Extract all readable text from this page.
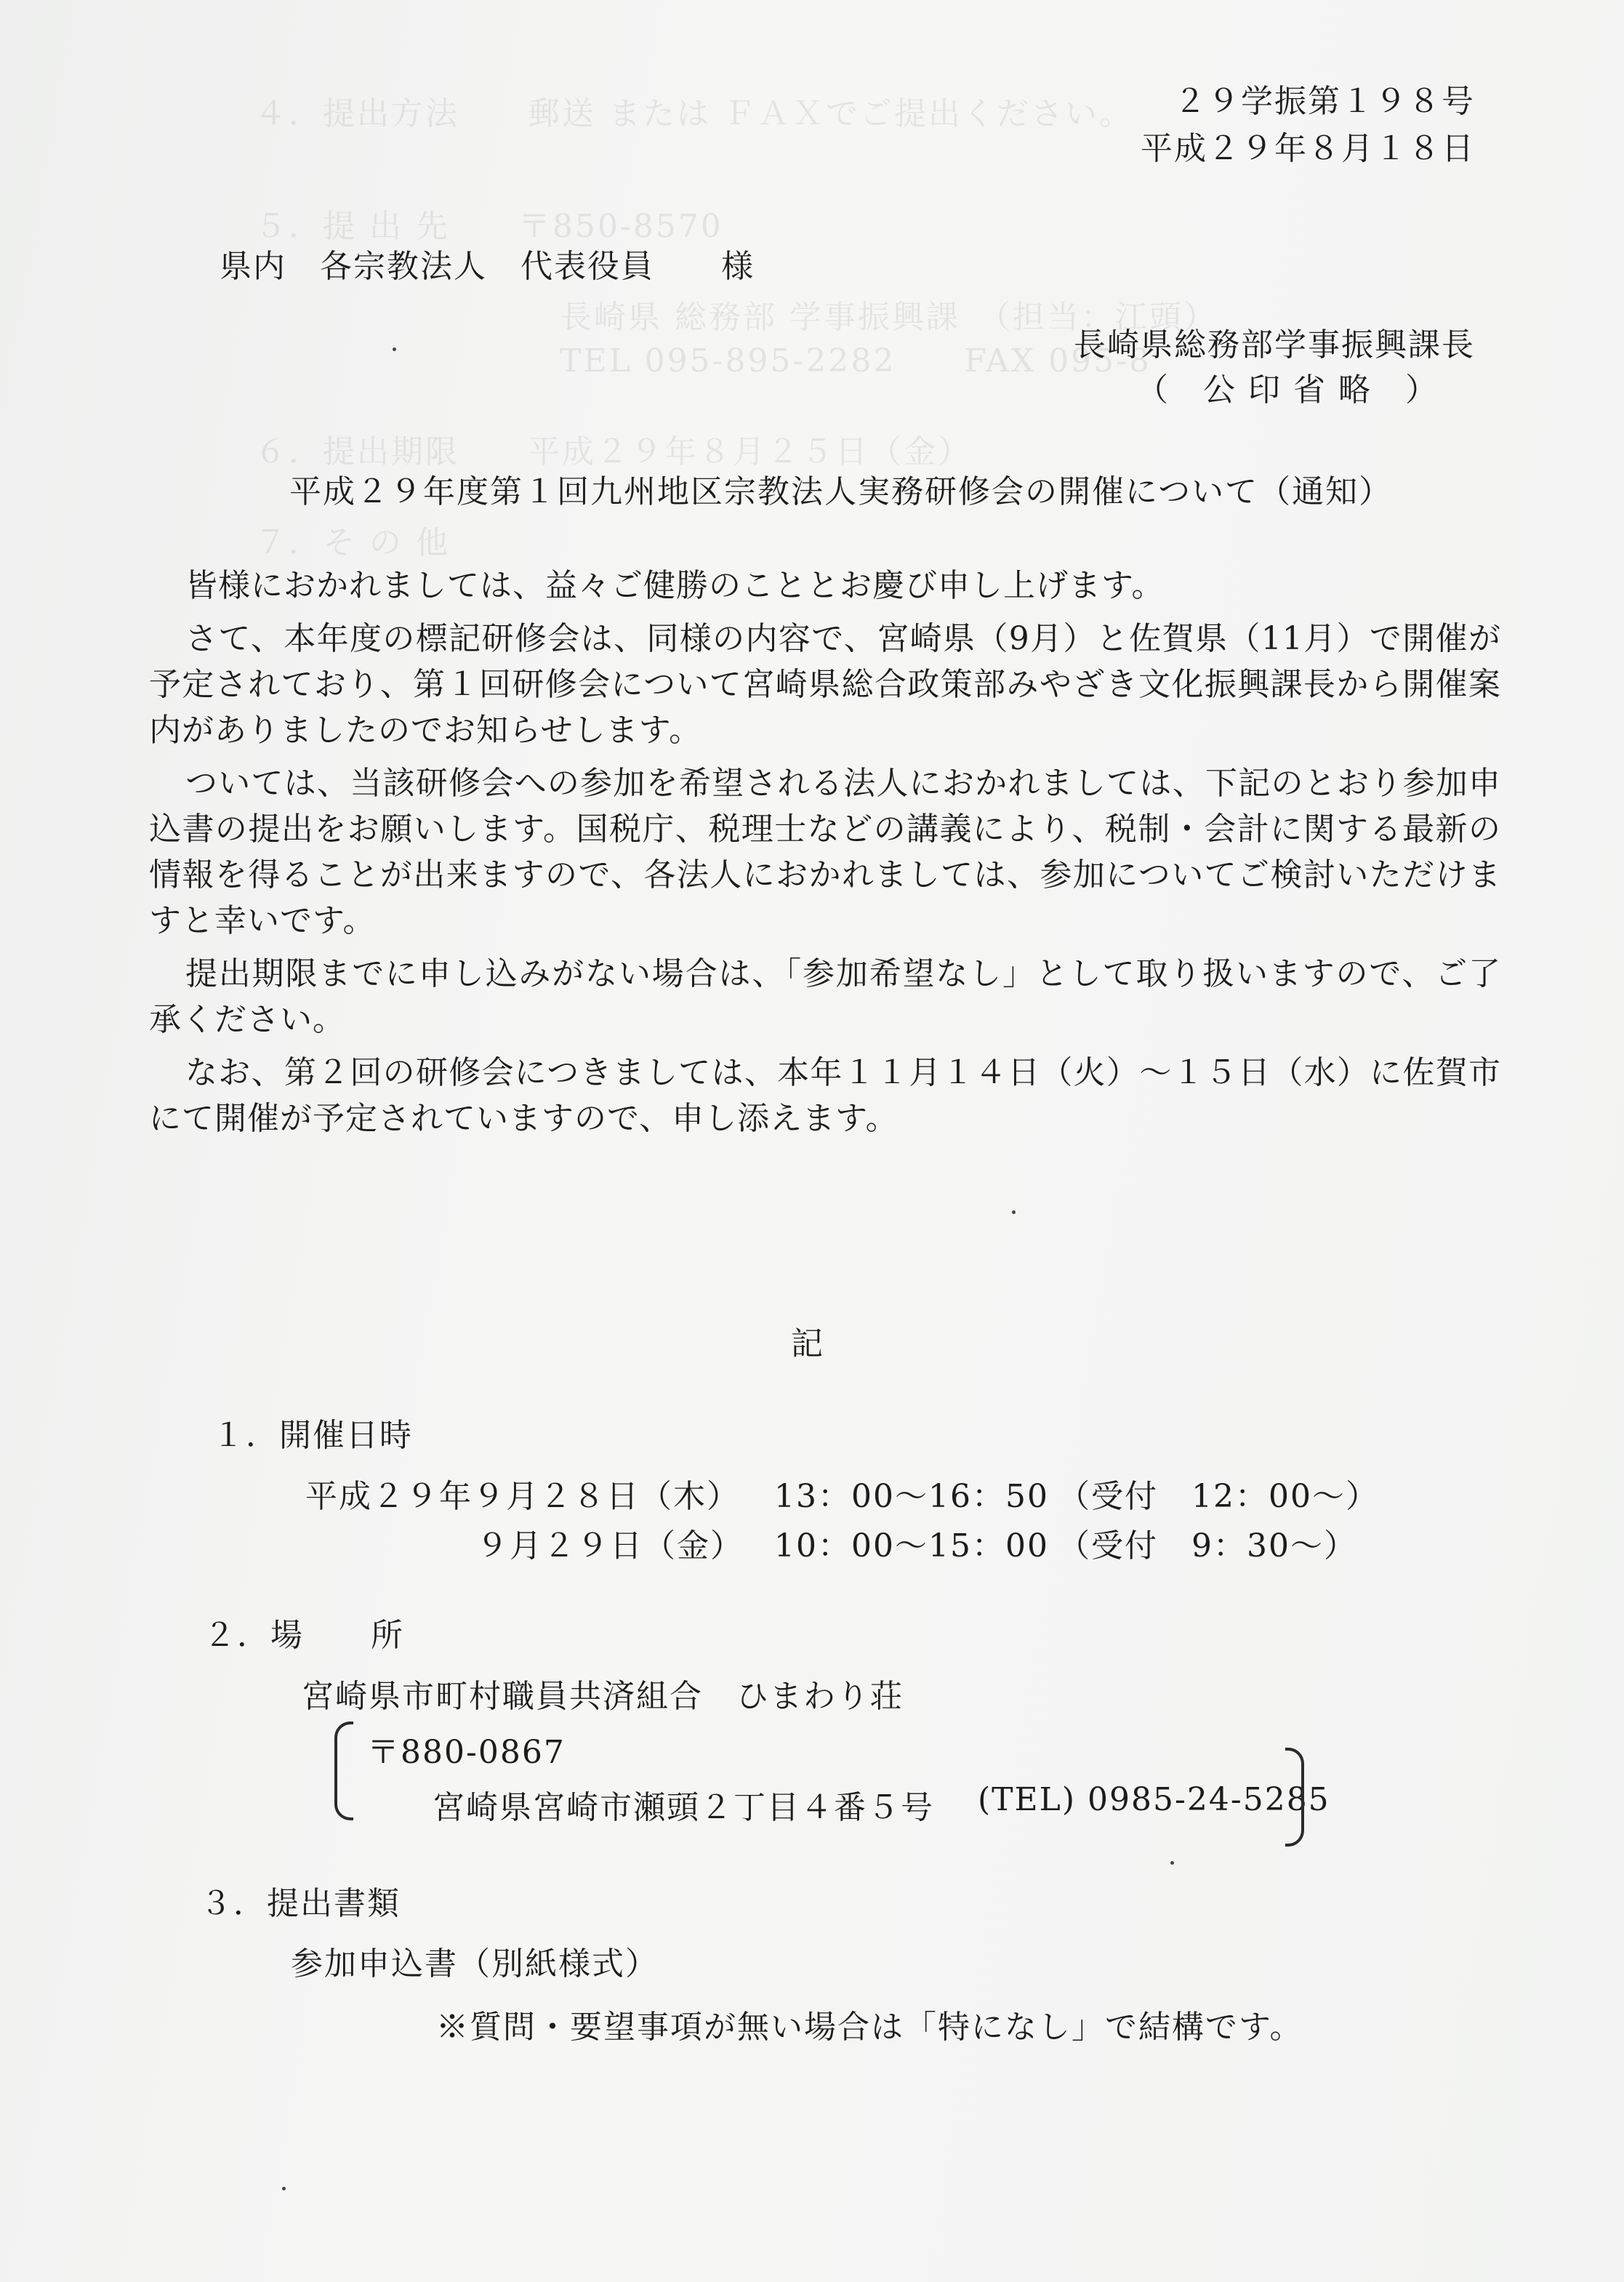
４．提出方法　　郵送 または ＦＡＸでご提出ください。
５．提 出 先　　〒850-8570
長崎県 総務部 学事振興課　（担当：江頭）
TEL 095-895-2282　　FAX 095-8
６．提出期限　　平成２９年８月２５日（金）
７．そ の 他
２９学振第１９８号
平成２９年８月１８日
県内　各宗教法人　代表役員　　様
長崎県総務部学事振興課長
（　公 印 省 略　）
平成２９年度第１回九州地区宗教法人実務研修会の開催について（通知）

皆様におかれましては、益々ご健勝のこととお慶び申し上げます。

さて、本年度の標記研修会は、同様の内容で、宮崎県（9月）と佐賀県（11月）で開催が予定されており、第１回研修会について宮崎県総合政策部みやざき文化振興課長から開催案内がありましたのでお知らせします。

ついては、当該研修会への参加を希望される法人におかれましては、下記のとおり参加申込書の提出をお願いします。国税庁、税理士などの講義により、税制・会計に関する最新の情報を得ることが出来ますので、各法人におかれましては、参加についてご検討いただけますと幸いです。

提出期限までに申し込みがない場合は、「参加希望なし」として取り扱いますので、ご了承ください。

なお、第２回の研修会につきましては、本年１１月１４日（火）～１５日（水）に佐賀市にて開催が予定されていますので、申し添えます。

記
１．開催日時
平成２９年９月２８日（木） 13：00～16：50 （受付　12：00～）
９月２９日（金） 10：00～15：00 （受付　9：30～）
２．場　　所
宮崎県市町村職員共済組合　ひまわり荘
〒880-0867
宮崎県宮崎市瀬頭２丁目４番５号 (TEL) 0985-24-5285
３．提出書類
参加申込書（別紙様式）
※質問・要望事項が無い場合は「特になし」で結構です。
